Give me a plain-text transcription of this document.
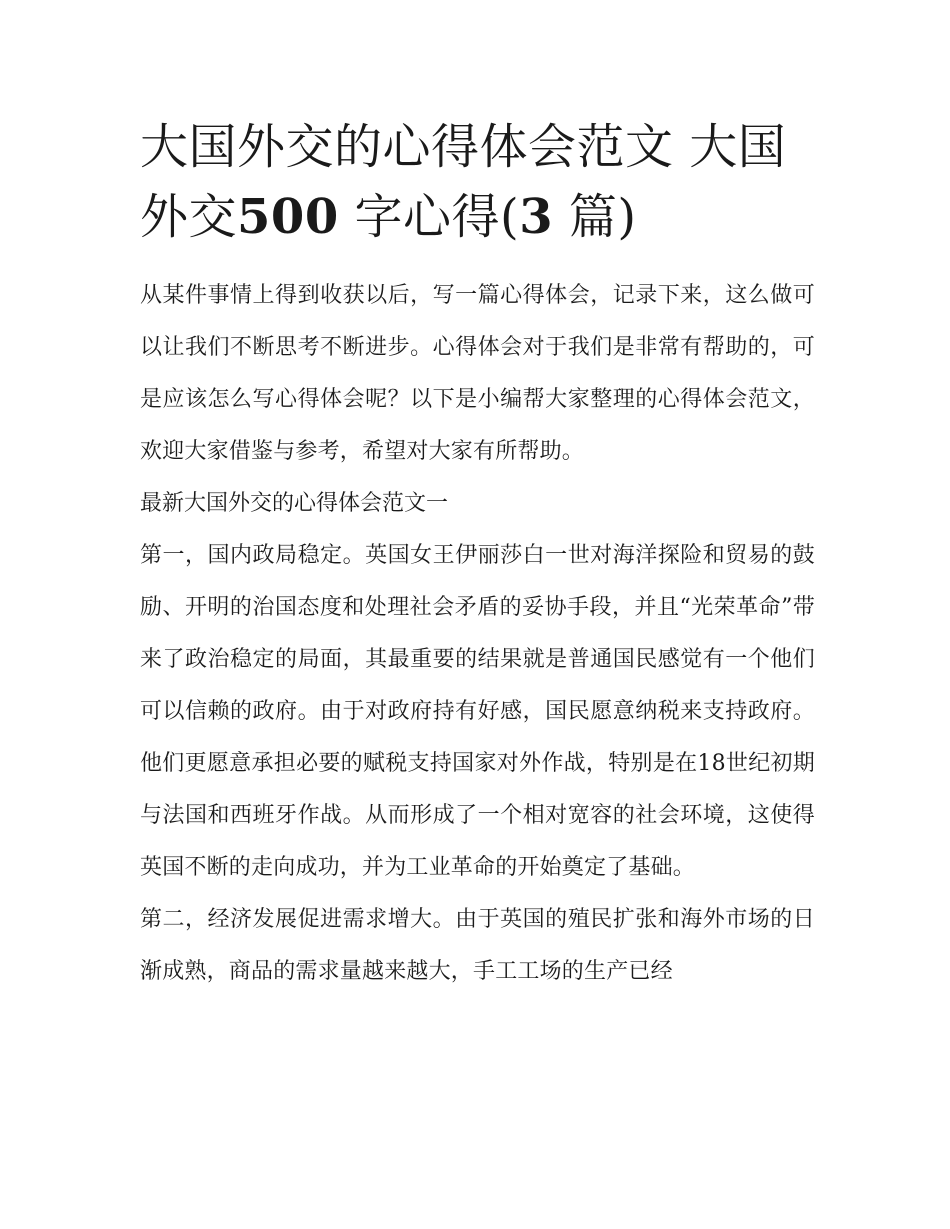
大国外交的心得体会范文 大国
外交500 字心得(3 篇)

从某件事情上得到收获以后，写一篇心得体会，记录下来，这么做可以让我们不断思考不断进步。心得体会对于我们是非常有帮助的，可是应该怎么写心得体会呢？以下是小编帮大家整理的心得体会范文，欢迎大家借鉴与参考，希望对大家有所帮助。

最新大国外交的心得体会范文一

第一，国内政局稳定。英国女王伊丽莎白一世对海洋探险和贸易的鼓励、开明的治国态度和处理社会矛盾的妥协手段，并且“光荣革命”带来了政治稳定的局面，其最重要的结果就是普通国民感觉有一个他们可以信赖的政府。由于对政府持有好感，国民愿意纳税来支持政府。他们更愿意承担必要的赋税支持国家对外作战，特别是在18世纪初期与法国和西班牙作战。从而形成了一个相对宽容的社会环境，这使得英国不断的走向成功，并为工业革命的开始奠定了基础。

第二，经济发展促进需求增大。由于英国的殖民扩张和海外市场的日渐成熟，商品的需求量越来越大，手工工场的生产已经
